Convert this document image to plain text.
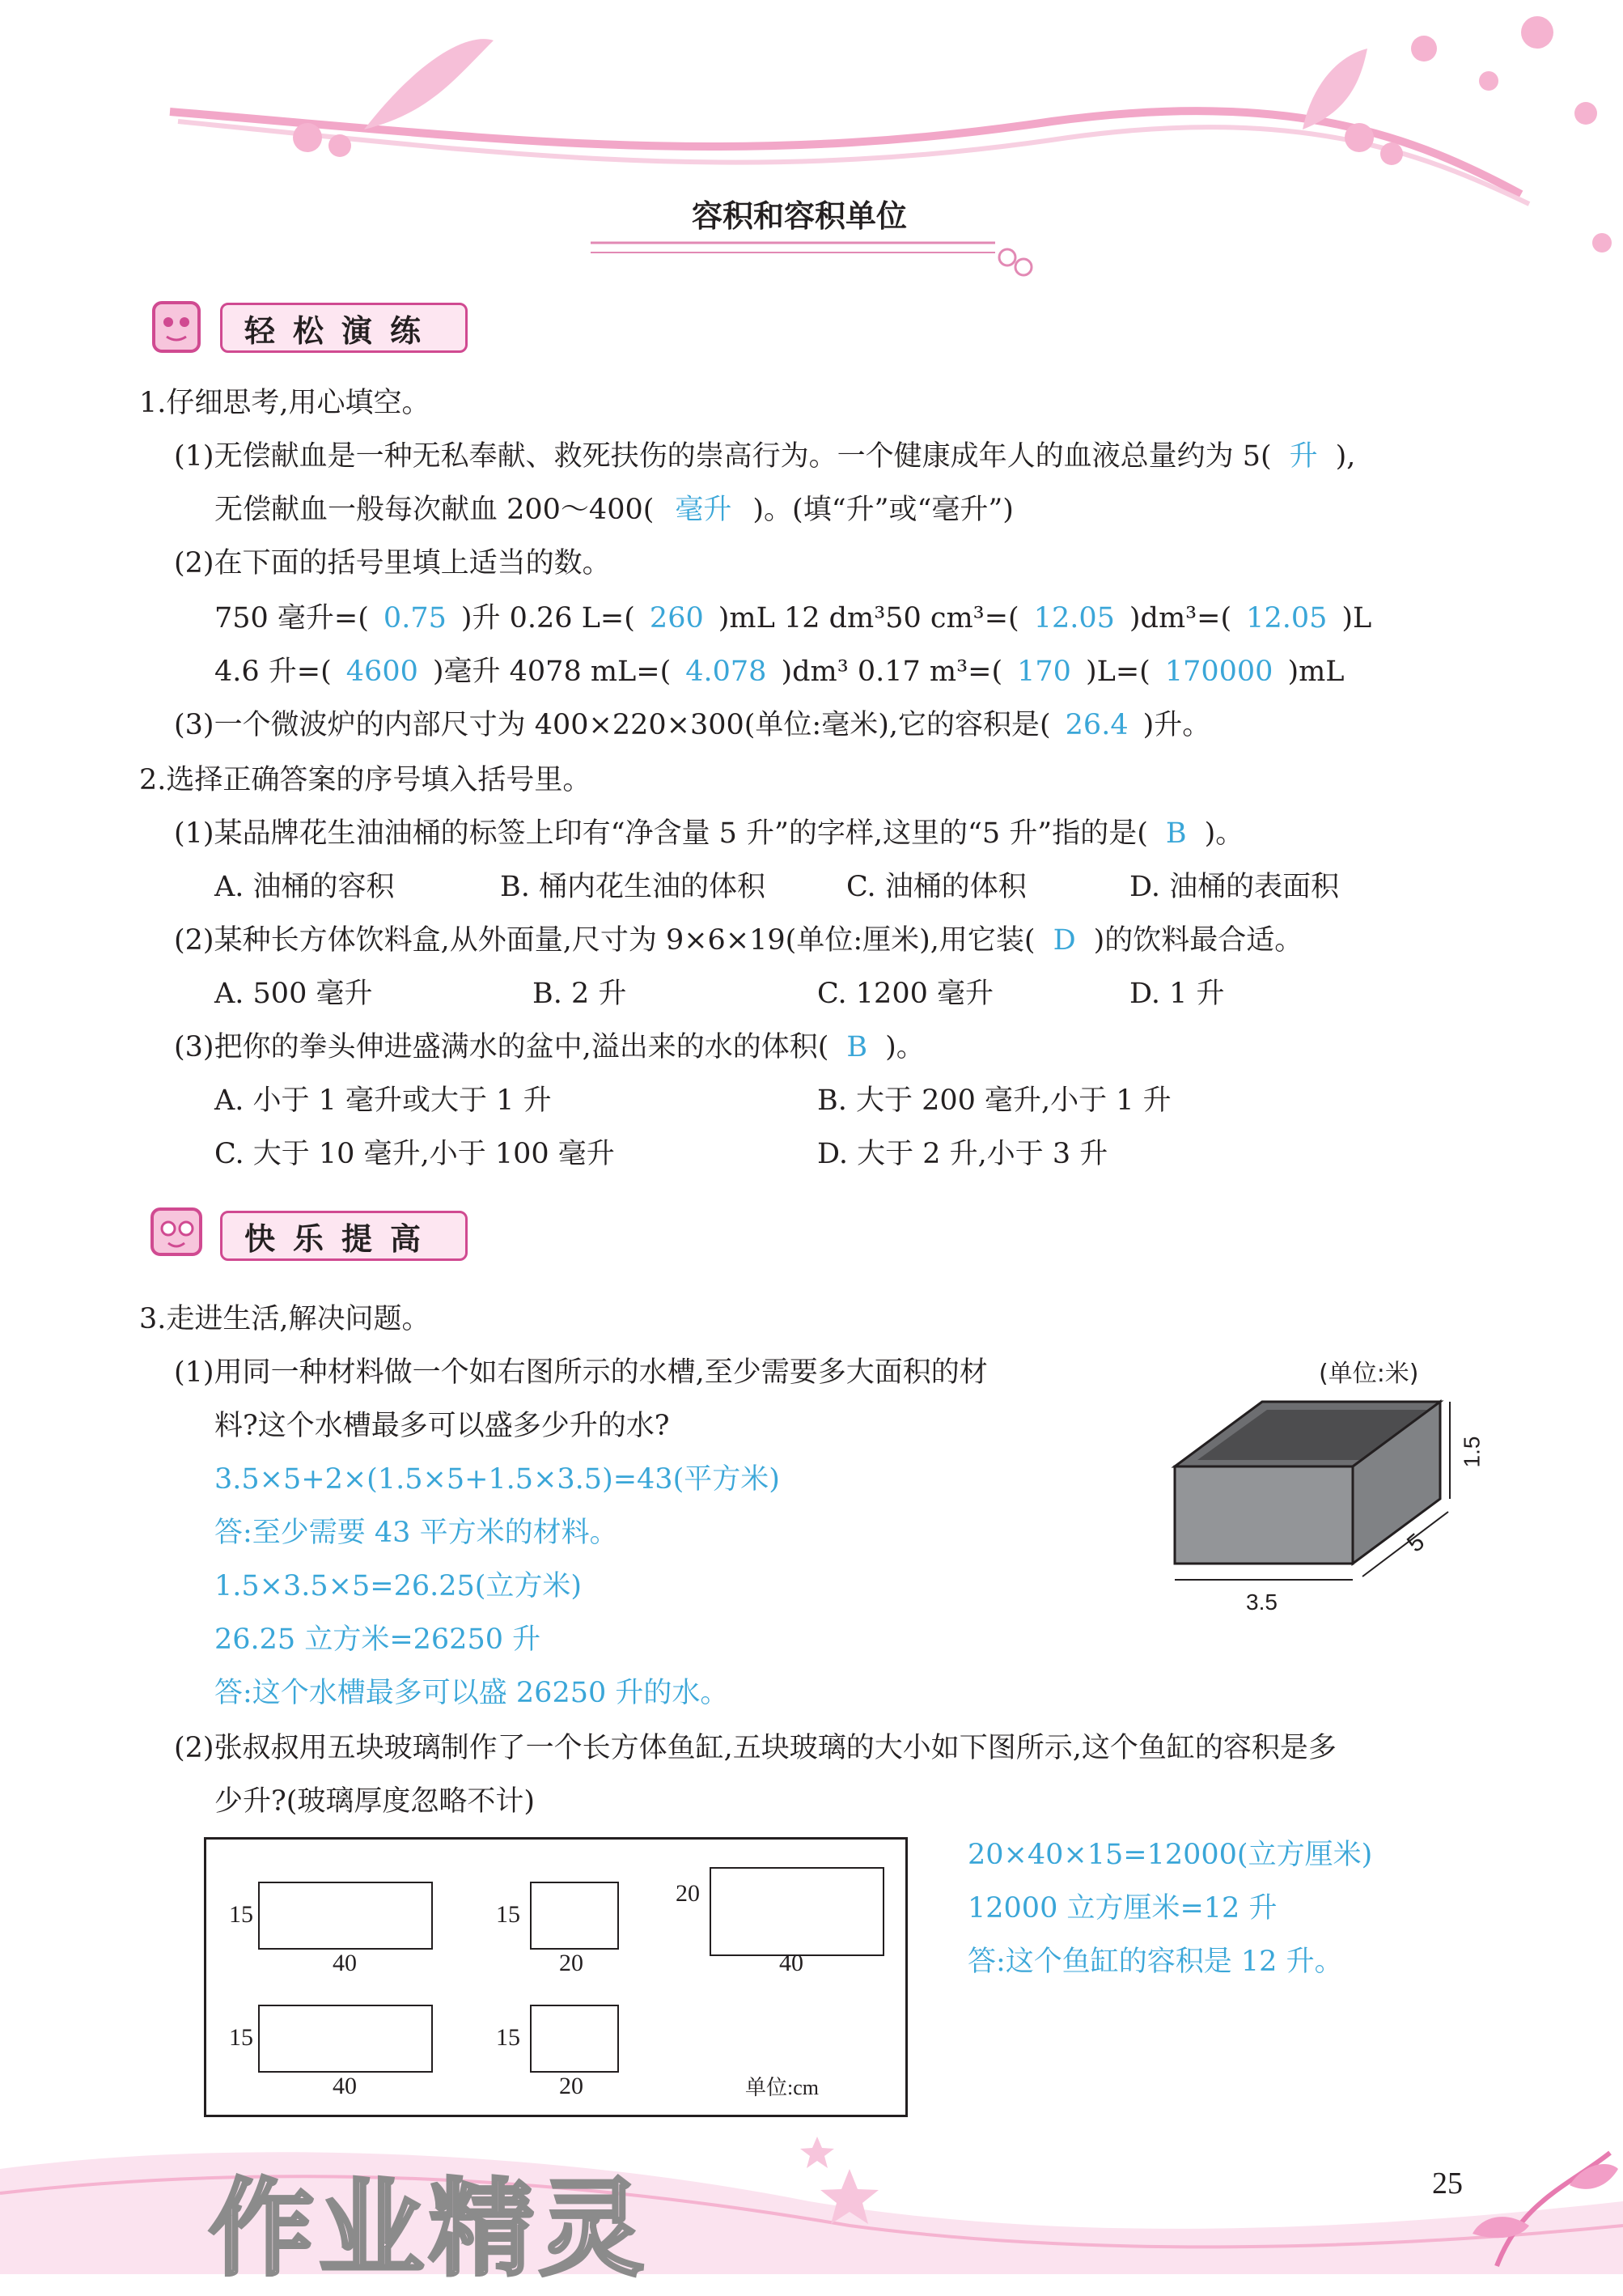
容积和容积单位
轻松演练
1.仔细思考,用心填空。
(1)无偿献血是一种无私奉献、救死扶伤的崇高行为。一个健康成年人的血液总量约为 5( 升 ),
无偿献血一般每次献血 200～400( 毫升 )。(填“升”或“毫升”)
(2)在下面的括号里填上适当的数。
750 毫升=( 0.75 )升 0.26 L=( 260 )mL 12 dm³50 cm³=( 12.05 )dm³=( 12.05 )L
4.6 升=( 4600 )毫升 4078 mL=( 4.078 )dm³ 0.17 m³=( 170 )L=( 170000 )mL
(3)一个微波炉的内部尺寸为 400×220×300(单位:毫米),它的容积是( 26.4 )升。
2.选择正确答案的序号填入括号里。
(1)某品牌花生油油桶的标签上印有“净含量 5 升”的字样,这里的“5 升”指的是( B )。
A. 油桶的容积	B. 桶内花生油的体积	C. 油桶的体积	D. 油桶的表面积
(2)某种长方体饮料盒,从外面量,尺寸为 9×6×19(单位:厘米),用它装( D )的饮料最合适。
A. 500 毫升	B. 2 升	C. 1200 毫升	D. 1 升
(3)把你的拳头伸进盛满水的盆中,溢出来的水的体积( B )。
A. 小于 1 毫升或大于 1 升	B. 大于 200 毫升,小于 1 升
C. 大于 10 毫升,小于 100 毫升	D. 大于 2 升,小于 3 升
快乐提高
3.走进生活,解决问题。
(1)用同一种材料做一个如右图所示的水槽,至少需要多大面积的材
料?这个水槽最多可以盛多少升的水?
3.5×5+2×(1.5×5+1.5×3.5)=43(平方米)
答:至少需要 43 平方米的材料。
1.5×3.5×5=26.25(立方米)
26.25 立方米=26250 升
答:这个水槽最多可以盛 26250 升的水。
(单位:米)
1.5
5
3.5
(2)张叔叔用五块玻璃制作了一个长方体鱼缸,五块玻璃的大小如下图所示,这个鱼缸的容积是多
少升?(玻璃厚度忽略不计)
15
40
15
20
20
40
15
40
15
20	单位:cm
20×40×15=12000(立方厘米)
12000 立方厘米=12 升
答:这个鱼缸的容积是 12 升。
作业精灵	25
